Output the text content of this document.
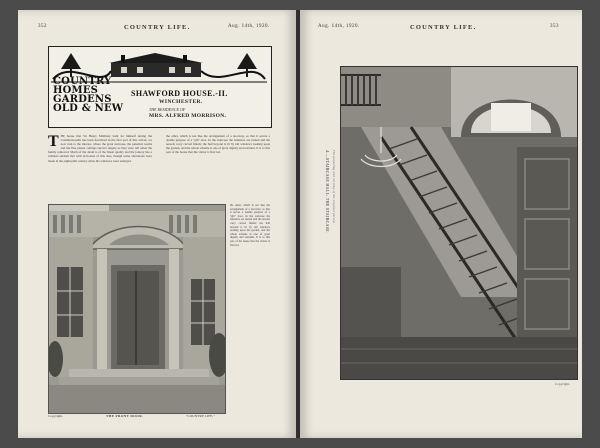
352	COUNTRY LIFE.	Aug. 14th, 1920.
COUNTRY
HOMES
GARDENS
OLD & NEW
SHAWFORD HOUSE.-II.
WINCHESTER.
THE RESIDENCE OF
MRS. ALFRED MORRISON.
T HE house that Sir Henry Mildmay built for himself during the Commonwealth has been described in the first part of this article; we now turn to the interior, where the great staircase, the panelled rooms and the fine plaster ceilings survive largely as they were left when the family removed. Much of the detail is of the finest quality and the joinery has a richness seldom met with in houses of this date, though some alterations were made in the eighteenth century when the windows were enlarged.
the other, which is not like the arrangement of a doorway, so that it serves a double purpose of a "gib" door. In the staircase the balusters are turned and the newels carry carved finials; the hall beyond is lit by tall windows looking upon the garden, and the whole scheme is one of great dignity and restraint. It is to this part of the house that the visitor is first led.
the other, which is not like the arrangement of a doorway, so that it serves a double purpose of a "gib" door. In the staircase the balusters are turned and the newels carry carved finials; the hall beyond is lit by tall windows looking upon the garden, and the whole scheme is one of great dignity and restraint. It is to this part of the house that the visitor is first led.
Copyright.	THE FRONT DOOR.	"COUNTRY LIFE."
Aug. 14th, 1920.	COUNTRY LIFE.	353
4.—STAIRCASE HALL: THE STAIRCASE. The panelling and carving of the original period.
Copyright.
